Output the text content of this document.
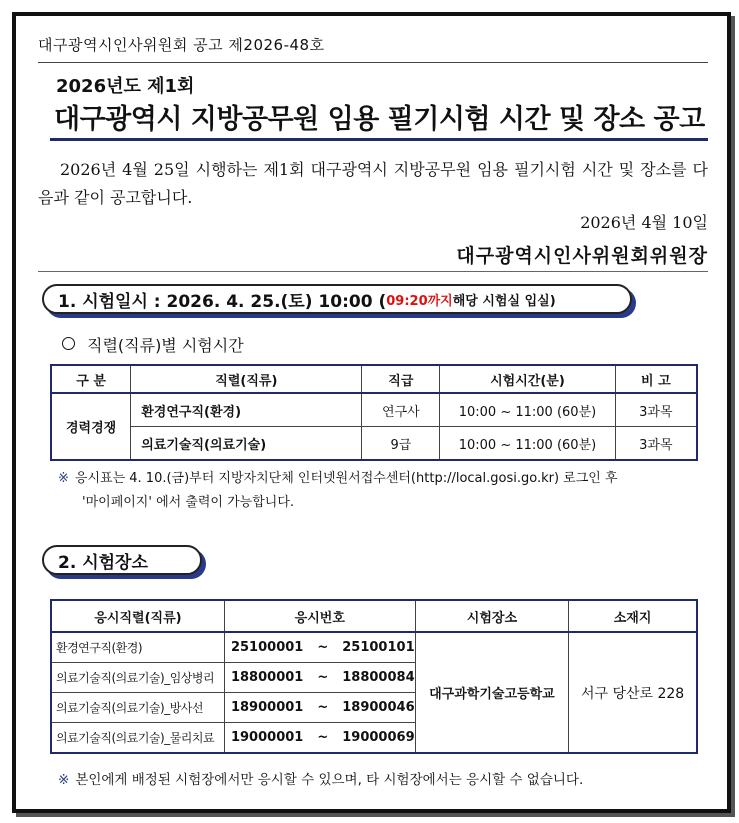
대구광역시인사위원회 공고 제2026-48호
2026년도 제1회
대구광역시 지방공무원 임용 필기시험 시간 및 장소 공고
2026년 4월 25일 시행하는 제1회 대구광역시 지방공무원 임용 필기시험 시간 및 장소를 다음과 같이 공고합니다.
2026년 4월 10일
대구광역시인사위원회위원장
1. 시험일시 : 2026. 4. 25.(토) 10:00 ( 09:20까지 해당 시험실 입실)
직렬(직류)별 시험시간
구 분	직렬(직류)	직급	시험시간(분)	비 고
경력경쟁	환경연구직(환경)	연구사	10:00 ~ 11:00 (60분)	3과목
	의료기술직(의료기술)	9급	10:00 ~ 11:00 (60분)	3과목
※ 응시표는 4. 10.(금)부터 지방자치단체 인터넷원서접수센터(http://local.gosi.go.kr) 로그인 후
'마이페이지' 에서 출력이 가능합니다.
2. 시험장소
응시직렬(직류)	응시번호	시험장소	소재지
환경연구직(환경)	25100001 ~ 25100101	대구과학기술고등학교	서구 당산로 228
의료기술직(의료기술)_임상병리	18800001 ~ 18800084		
의료기술직(의료기술)_방사선	18900001 ~ 18900046		
의료기술직(의료기술)_물리치료	19000001 ~ 19000069		
※ 본인에게 배정된 시험장에서만 응시할 수 있으며, 타 시험장에서는 응시할 수 없습니다.
